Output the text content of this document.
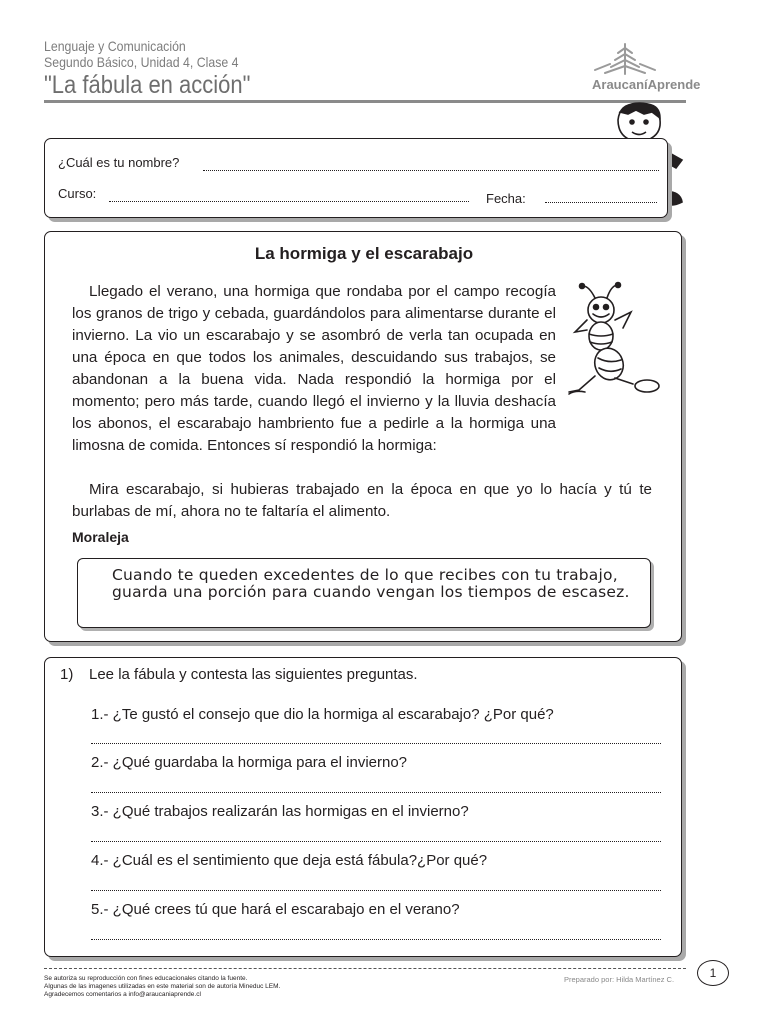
Lenguaje y Comunicación
Segundo Básico, Unidad 4, Clase 4
"La fábula en acción"	AraucaníAprende
¿Cuál es tu nombre?
Curso:	Fecha:
La hormiga y el escarabajo
Llegado el verano, una hormiga que rondaba por el campo recogía los granos de trigo y cebada, guardándolos para alimentarse durante el invierno. La vio un escarabajo y se asombró de verla tan ocupada en una época en que todos los animales, descuidando sus trabajos, se abandonan a la buena vida. Nada respondió la hormiga por el momento; pero más tarde, cuando llegó el invierno y la lluvia deshacía los abonos, el escarabajo hambriento fue a pedirle a la hormiga una limosna de comida. Entonces sí respondió la hormiga:
Mira escarabajo, si hubieras trabajado en la época en que yo lo hacía y tú te burlabas de mí, ahora no te faltaría el alimento.
Moraleja
Cuando te queden excedentes de lo que recibes con tu trabajo, guarda una porción para cuando vengan los tiempos de escasez.
1) Lee la fábula y contesta las siguientes preguntas.
1.- ¿Te gustó el consejo que dio la hormiga al escarabajo? ¿Por qué?
2.- ¿Qué guardaba la hormiga para el invierno?
3.- ¿Qué trabajos realizarán las hormigas en el invierno?
4.- ¿Cuál es el sentimiento que deja está fábula?¿Por qué?
5.- ¿Qué crees tú que hará el escarabajo en el verano?
Se autoriza su reproducción con fines educacionales citando la fuente.
Algunas de las imagenes utilizadas en este material son de autoría Mineduc LEM.
Agradecemos comentarios a info@araucaniaprende.cl
Preparado por: Hilda Martínez C.	1
